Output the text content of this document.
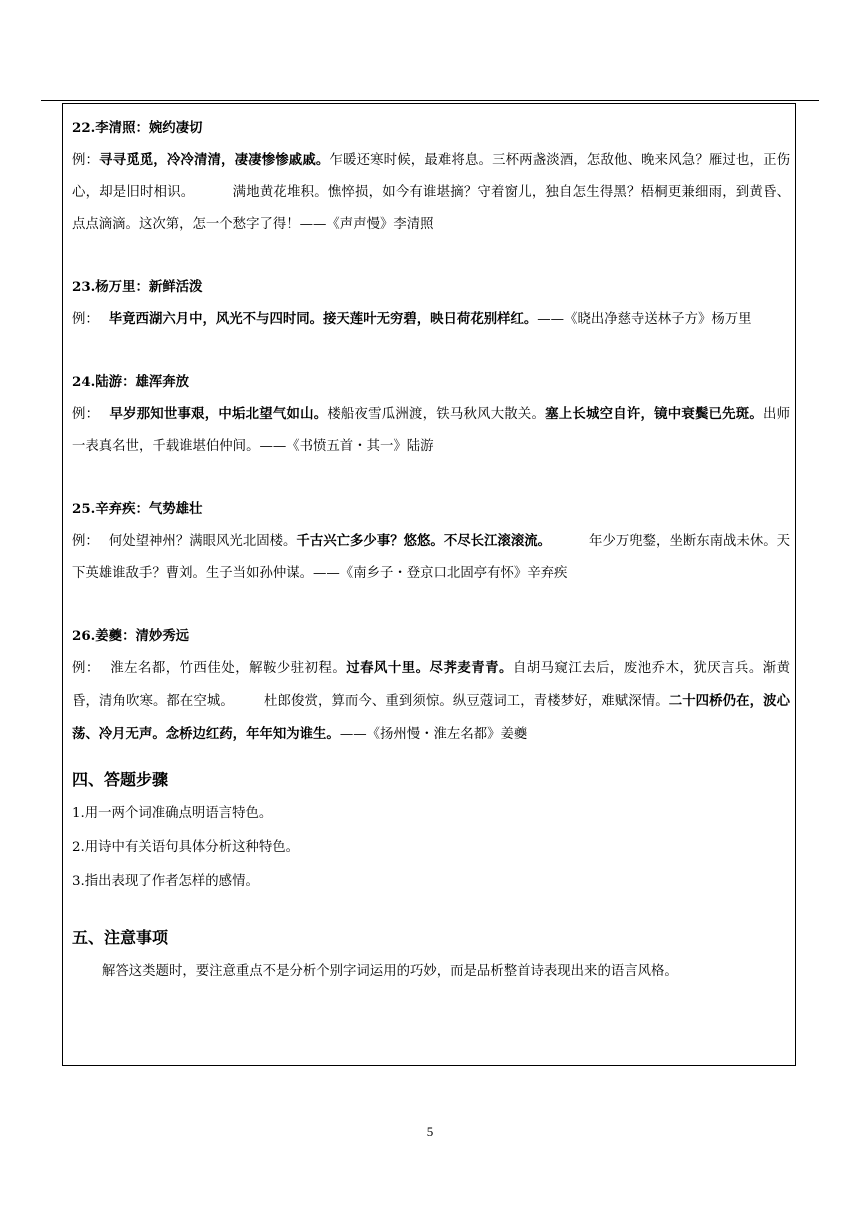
22.李清照：婉约凄切
例：寻寻觅觅，冷冷清清，凄凄惨惨戚戚。乍暖还寒时候，最难将息。三杯两盏淡酒，怎敌他、晚来风急？雁过也，正伤心，却是旧时相识。	满地黄花堆积。憔悴损，如今有谁堪摘？守着窗儿，独自怎生得黑？梧桐更兼细雨，到黄昏、点点滴滴。这次第，怎一个愁字了得！——《声声慢》李清照
23.杨万里：新鲜活泼
例： 毕竟西湖六月中，风光不与四时同。接天莲叶无穷碧，映日荷花别样红。——《晓出净慈寺送林子方》杨万里
24.陆游：雄浑奔放
例： 早岁那知世事艰，中垢北望气如山。楼船夜雪瓜洲渡，铁马秋风大散关。塞上长城空自许，镜中衰鬓已先斑。出师一表真名世，千载谁堪伯仲间。——《书愤五首・其一》陆游
25.辛弃疾：气势雄壮
例： 何处望神州？满眼风光北固楼。千古兴亡多少事？悠悠。不尽长江滚滚流。	年少万兜鍪，坐断东南战未休。天下英雄谁敌手？曹刘。生子当如孙仲谋。——《南乡子・登京口北固亭有怀》辛弃疾
26.姜夔：清妙秀远
例： 淮左名都，竹西佳处，解鞍少驻初程。过春风十里。尽荠麦青青。自胡马窥江去后，废池乔木，犹厌言兵。渐黄昏，清角吹寒。都在空城。 杜郎俊赏，算而今、重到须惊。纵豆蔻词工，青楼梦好，难赋深情。二十四桥仍在，波心荡、冷月无声。念桥边红药，年年知为谁生。——《扬州慢・淮左名都》姜夔
四、答题步骤
1.用一两个词准确点明语言特色。
2.用诗中有关语句具体分析这种特色。
3.指出表现了作者怎样的感情。
五、注意事项
解答这类题时，要注意重点不是分析个别字词运用的巧妙，而是品析整首诗表现出来的语言风格。
5
